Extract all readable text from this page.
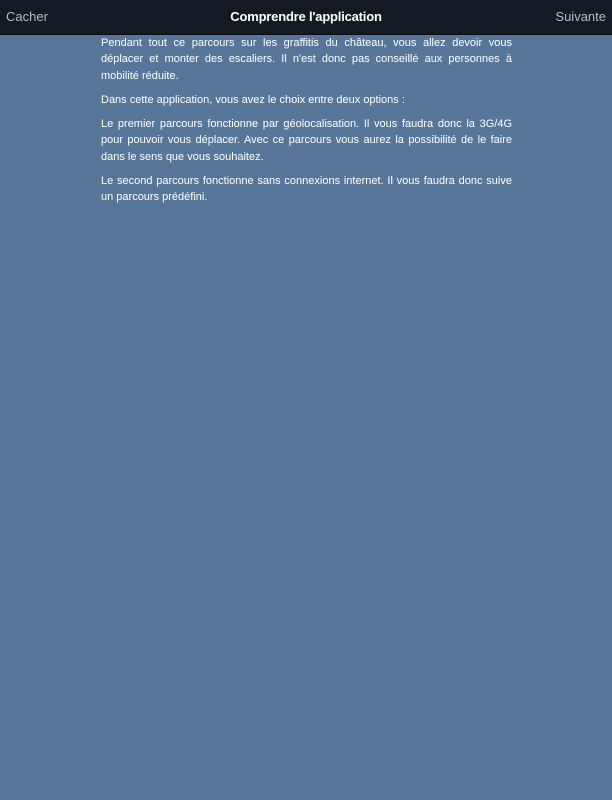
Cacher	Comprendre l'application	Suivante

Pendant tout ce parcours sur les graffitis du château, vous allez devoir vous déplacer et monter des escaliers. Il n'est donc pas conseillé aux personnes à mobilité réduite.

Dans cette application, vous avez le choix entre deux options :

Le premier parcours fonctionne par géolocalisation. Il vous faudra donc la 3G/4G pour pouvoir vous déplacer. Avec ce parcours vous aurez la possibilité de le faire dans le sens que vous souhaitez.

Le second parcours fonctionne sans connexions internet. Il vous faudra donc suive un parcours prédéfini.
